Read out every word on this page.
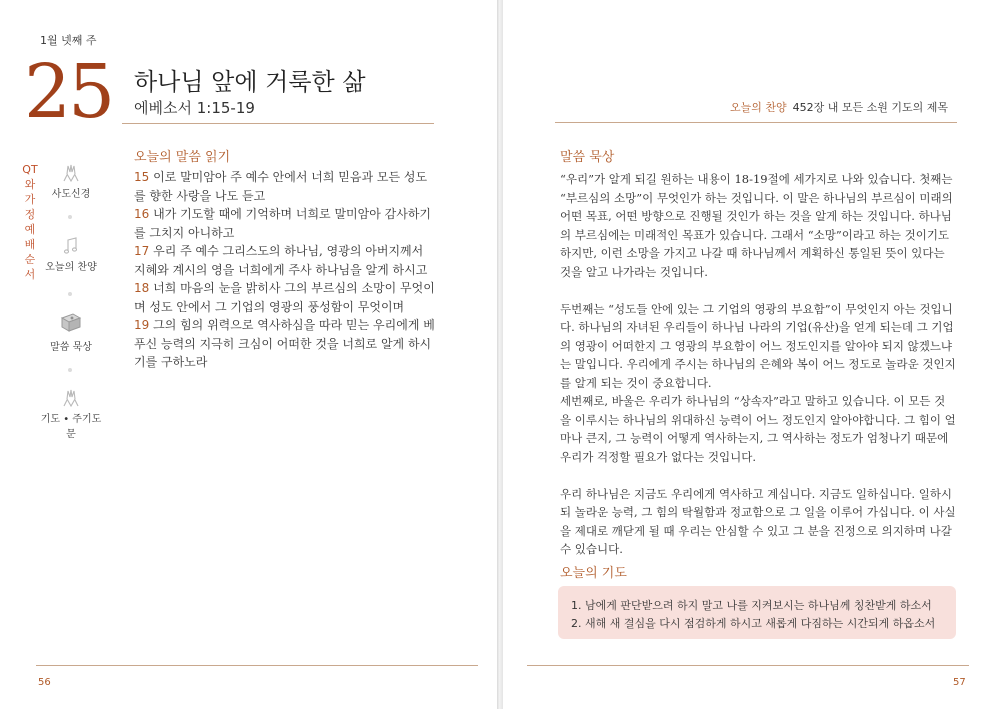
1월 넷째 주
25 하나님 앞에 거룩한 삶
에베소서 1:15-19
QT와 가정예배 순서
사도신경
오늘의 찬양
말씀 묵상
기도 • 주기도문
오늘의 말씀 읽기
15 이로 말미암아 주 예수 안에서 너희 믿음과 모든 성도를 향한 사랑을 나도 듣고
16 내가 기도할 때에 기억하며 너희로 말미암아 감사하기를 그치지 아니하고
17 우리 주 예수 그리스도의 하나님, 영광의 아버지께서 지혜와 계시의 영을 너희에게 주사 하나님을 알게 하시고
18 너희 마음의 눈을 밝히사 그의 부르심의 소망이 무엇이며 성도 안에서 그 기업의 영광의 풍성함이 무엇이며
19 그의 힘의 위력으로 역사하심을 따라 믿는 우리에게 베푸신 능력의 지극히 크심이 어떠한 것을 너희로 알게 하시기를 구하노라
56
오늘의 찬양 452장 내 모든 소원 기도의 제목
말씀 묵상

“우리”가 알게 되길 원하는 내용이 18-19절에 세가지로 나와 있습니다. 첫째는 “부르심의 소망”이 무엇인가 하는 것입니다. 이 말은 하나님의 부르심이 미래의 어떤 목표, 어떤 방향으로 진행될 것인가 하는 것을 알게 하는 것입니다. 하나님의 부르심에는 미래적인 목표가 있습니다. 그래서 “소망”이라고 하는 것이기도 하지만, 이런 소망을 가지고 나갈 때 하나님께서 계획하신 통일된 뜻이 있다는 것을 알고 나가라는 것입니다.

두번째는 “성도들 안에 있는 그 기업의 영광의 부요함”이 무엇인지 아는 것입니다. 하나님의 자녀된 우리들이 하나님 나라의 기업(유산)을 얻게 되는데 그 기업의 영광이 어떠한지 그 영광의 부요함이 어느 정도인지를 알아야 되지 않겠느냐는 말입니다. 우리에게 주시는 하나님의 은혜와 복이 어느 정도로 놀라운 것인지를 알게 되는 것이 중요합니다.
세번째로, 바울은 우리가 하나님의 “상속자”라고 말하고 있습니다. 이 모든 것을 이루시는 하나님의 위대하신 능력이 어느 정도인지 알아야합니다. 그 힘이 얼마나 큰지, 그 능력이 어떻게 역사하는지, 그 역사하는 정도가 엄청나기 때문에 우리가 걱정할 필요가 없다는 것입니다.

우리 하나님은 지금도 우리에게 역사하고 계십니다. 지금도 일하십니다. 일하시되 놀라운 능력, 그 힘의 탁월함과 정교함으로 그 일을 이루어 가십니다. 이 사실을 제대로 깨닫게 될 때 우리는 안심할 수 있고 그 분을 진정으로 의지하며 나갈 수 있습니다.

오늘의 기도
1. 남에게 판단받으려 하지 말고 나를 지켜보시는 하나님께 칭찬받게 하소서
2. 새해 새 결심을 다시 점검하게 하시고 새롭게 다짐하는 시간되게 하옵소서
57
